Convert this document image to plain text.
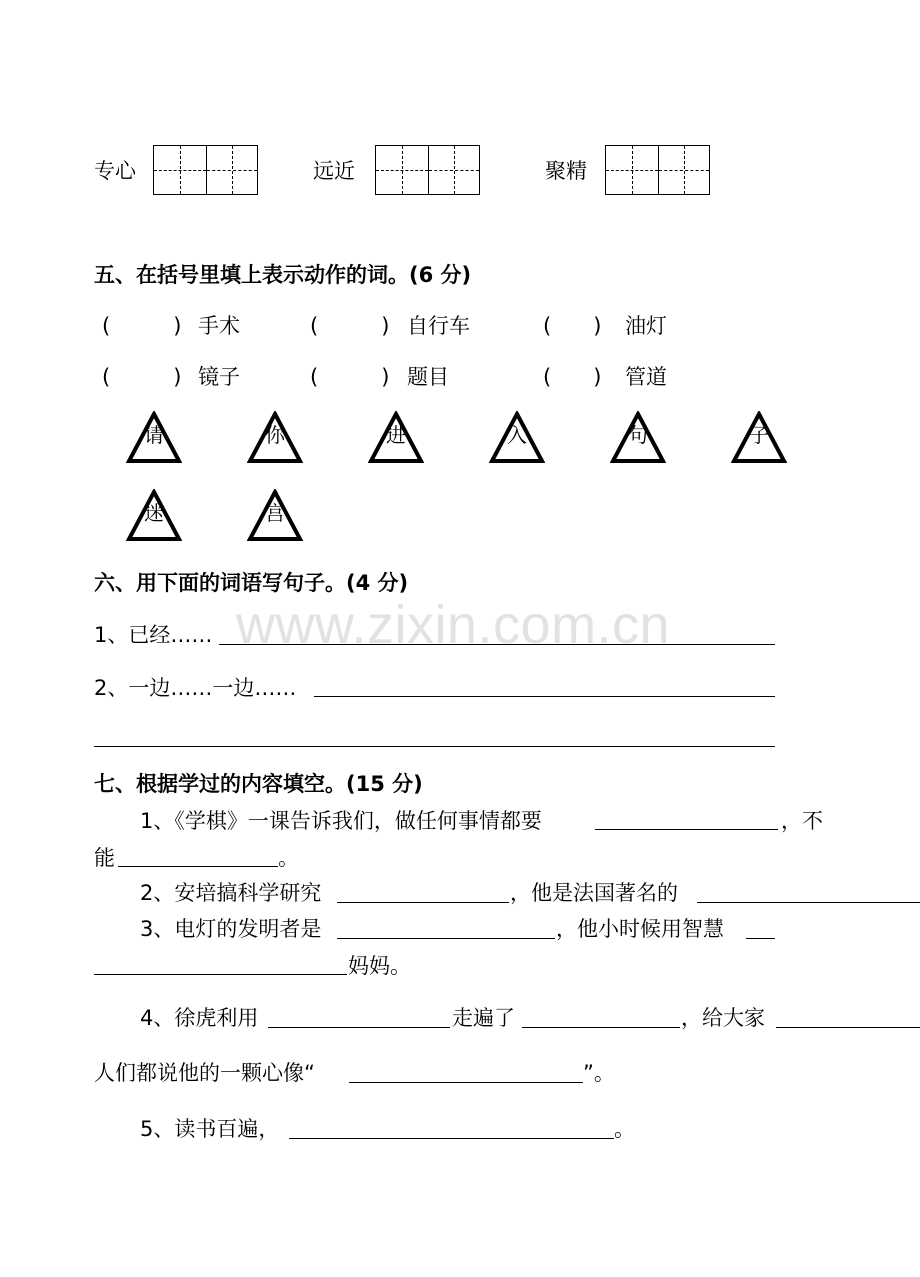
专心	远近	聚精
五、在括号里填上表示动作的词。(6 分)
(　　　) 手术	(　　　) 自行车	(　　) 油灯
(　　　) 镜子	(　　　) 题目	(　　) 管道
请	你	进	入	句	子
迷	宫
www.zixin.com.cn
六、用下面的词语写句子。(4 分)
1、已经……
2、一边……一边……
七、根据学过的内容填空。(15 分)
1、《学棋》一课告诉我们，做任何事情都要	，不
能	。
2、安培搞科学研究	，他是法国著名的
3、电灯的发明者是	，他小时候用智慧
妈妈。
4、徐虎利用	走遍了	，给大家
人们都说他的一颗心像“	”。
5、读书百遍，	。
